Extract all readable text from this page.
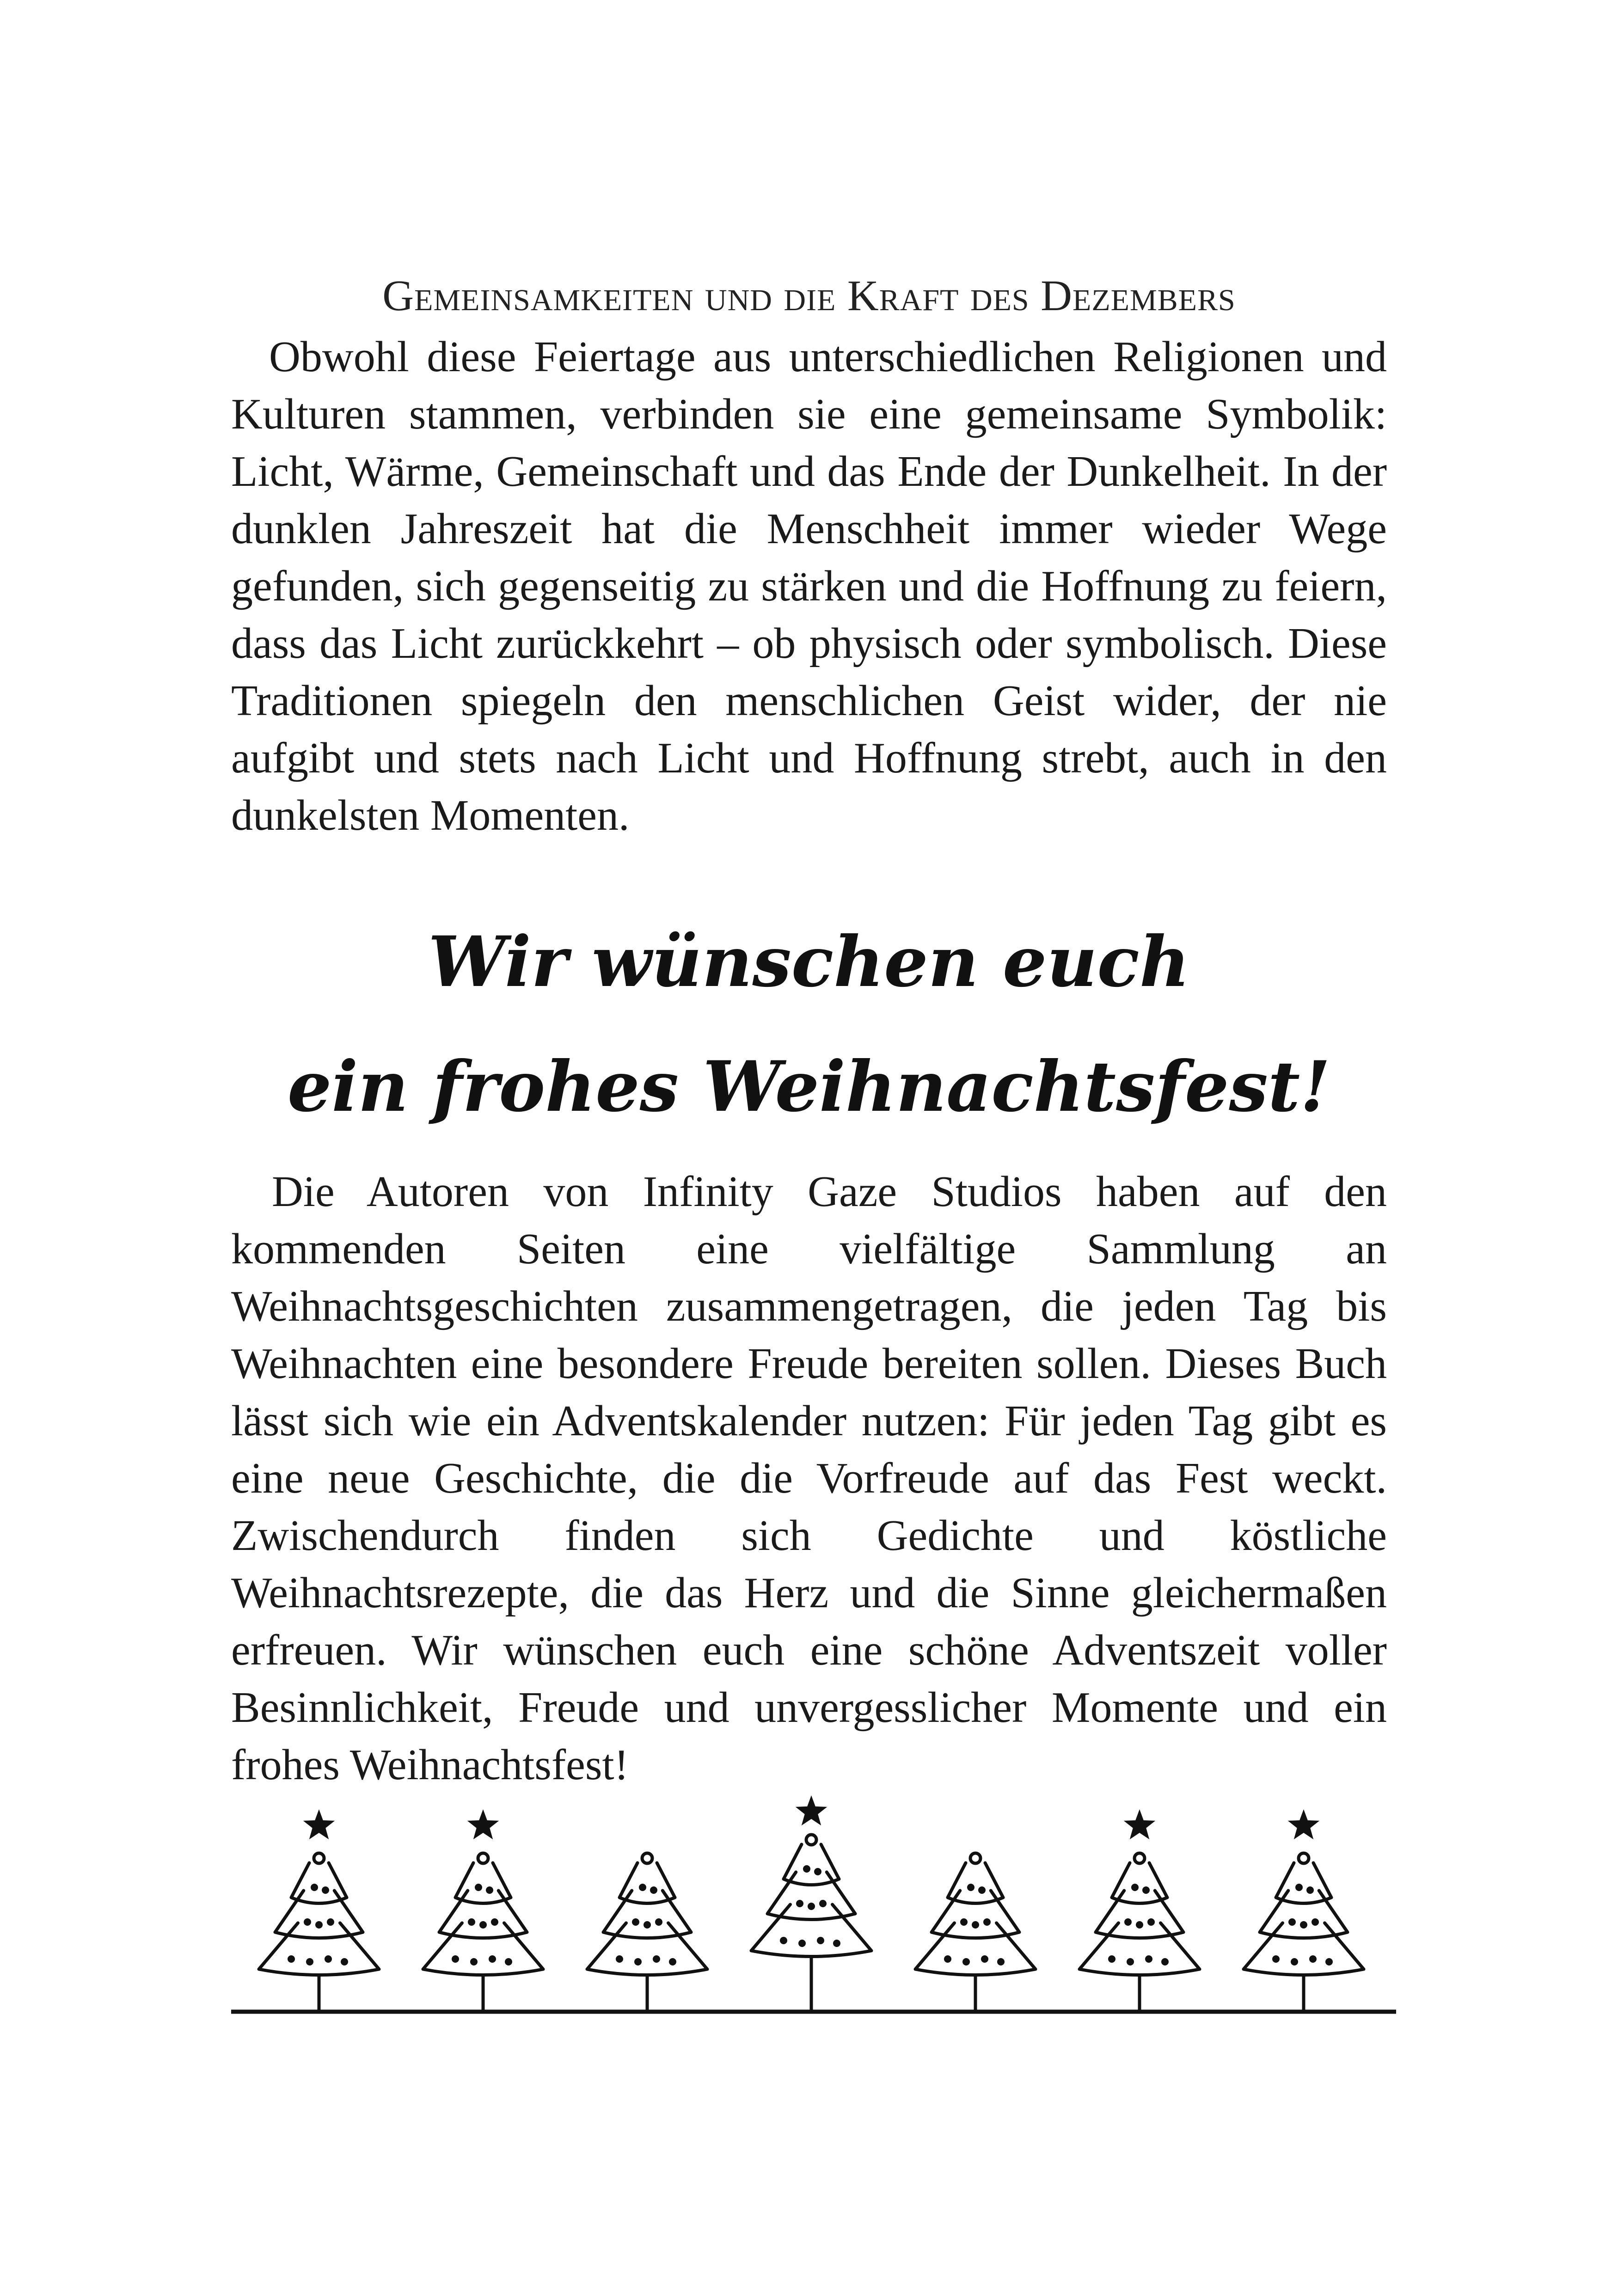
Gemeinsamkeiten und die Kraft des Dezembers

Obwohl diese Feiertage aus unterschiedlichen Religionen und Kulturen stammen, verbinden sie eine gemeinsame Symbolik: Licht, Wärme, Gemeinschaft und das Ende der Dunkelheit. In der dunklen Jahreszeit hat die Menschheit immer wieder Wege gefunden, sich gegenseitig zu stärken und die Hoffnung zu feiern, dass das Licht zurückkehrt – ob physisch oder symbolisch. Diese Traditionen spiegeln den menschlichen Geist wider, der nie aufgibt und stets nach Licht und Hoffnung strebt, auch in den dunkelsten Momenten.

Wir wünschen euch
ein frohes Weihnachtsfest!

Die Autoren von Infinity Gaze Studios haben auf den kommenden Seiten eine vielfältige Sammlung an Weihnachtsgeschichten zusammengetragen, die jeden Tag bis Weihnachten eine besondere Freude bereiten sollen. Dieses Buch lässt sich wie ein Adventskalender nutzen: Für jeden Tag gibt es eine neue Geschichte, die die Vorfreude auf das Fest weckt. Zwischendurch finden sich Gedichte und köstliche Weihnachtsrezepte, die das Herz und die Sinne gleichermaßen erfreuen. Wir wünschen euch eine schöne Adventszeit voller Besinnlichkeit, Freude und unvergesslicher Momente und ein frohes Weihnachtsfest!
